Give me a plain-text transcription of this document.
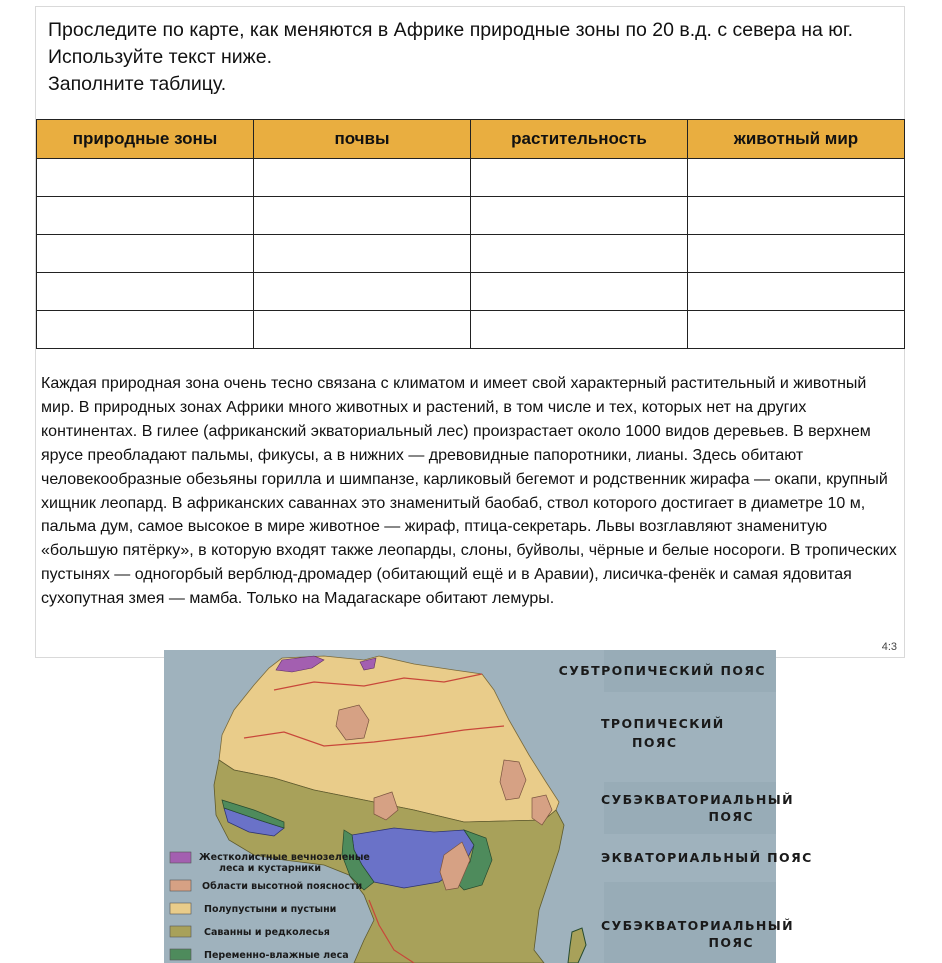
Проследите по карте, как меняются в Африке природные зоны по 20 в.д. с севера на юг.
Используйте текст ниже.
Заполните таблицу.
природные зоны	почвы	растительность	животный мир

Каждая природная зона очень тесно связана с климатом и имеет свой характерный растительный и животный мир. В природных зонах Африки много животных и растений, в том числе и тех, которых нет на других континентах. В гилее (африканский экваториальный лес) произрастает около 1000 видов деревьев. В верхнем ярусе преобладают пальмы, фикусы, а в нижних — древовидные папоротники, лианы. Здесь обитают человекообразные обезьяны горилла и шимпанзе, карликовый бегемот и родственник жирафа — окапи, крупный хищник леопард. В африканских саваннах это знаменитый баобаб, ствол которого достигает в диаметре 10 м, пальма дум, самое высокое в мире животное — жираф, птица-секретарь. Львы возглавляют знаменитую «большую пятёрку», в которую входят также леопарды, слоны, буйволы, чёрные и белые носороги. В тропических пустынях — одногорбый верблюд-дромадер (обитающий ещё и в Аравии), лисичка-фенёк и самая ядовитая сухопутная змея — мамба. Только на Мадагаскаре обитают лемуры.
4:3
СУБТРОПИЧЕСКИЙ ПОЯС
ТРОПИЧЕСКИЙ
ПОЯС
СУБЭКВАТОРИАЛЬНЫЙ
ПОЯС
ЭКВАТОРИАЛЬНЫЙ ПОЯС
СУБЭКВАТОРИАЛЬНЫЙ
ПОЯС
Жестколистные вечнозеленые
леса и кустарники
Области высотной поясности
Полупустыни и пустыни
Саванны и редколесья
Переменно-влажные леса
